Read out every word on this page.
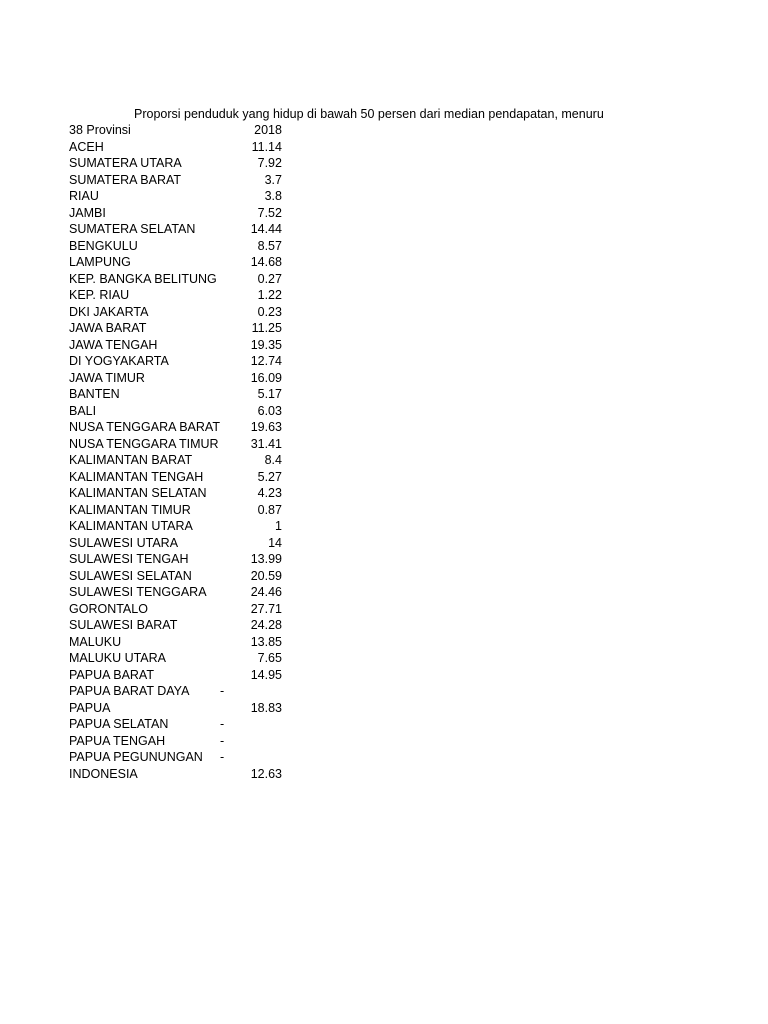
Proporsi penduduk yang hidup di bawah 50 persen dari median pendapatan, menuru
38 Provinsi	2018
ACEH	11.14
SUMATERA UTARA	7.92
SUMATERA BARAT	3.7
RIAU	3.8
JAMBI	7.52
SUMATERA SELATAN	14.44
BENGKULU	8.57
LAMPUNG	14.68
KEP. BANGKA BELITUNG	0.27
KEP. RIAU	1.22
DKI JAKARTA	0.23
JAWA BARAT	11.25
JAWA TENGAH	19.35
DI YOGYAKARTA	12.74
JAWA TIMUR	16.09
BANTEN	5.17
BALI	6.03
NUSA TENGGARA BARAT	19.63
NUSA TENGGARA TIMUR	31.41
KALIMANTAN BARAT	8.4
KALIMANTAN TENGAH	5.27
KALIMANTAN SELATAN	4.23
KALIMANTAN TIMUR	0.87
KALIMANTAN UTARA	1
SULAWESI UTARA	14
SULAWESI TENGAH	13.99
SULAWESI SELATAN	20.59
SULAWESI TENGGARA	24.46
GORONTALO	27.71
SULAWESI BARAT	24.28
MALUKU	13.85
MALUKU UTARA	7.65
PAPUA BARAT	14.95
PAPUA BARAT DAYA	-
PAPUA	18.83
PAPUA SELATAN	-
PAPUA TENGAH	-
PAPUA PEGUNUNGAN	-
INDONESIA	12.63
